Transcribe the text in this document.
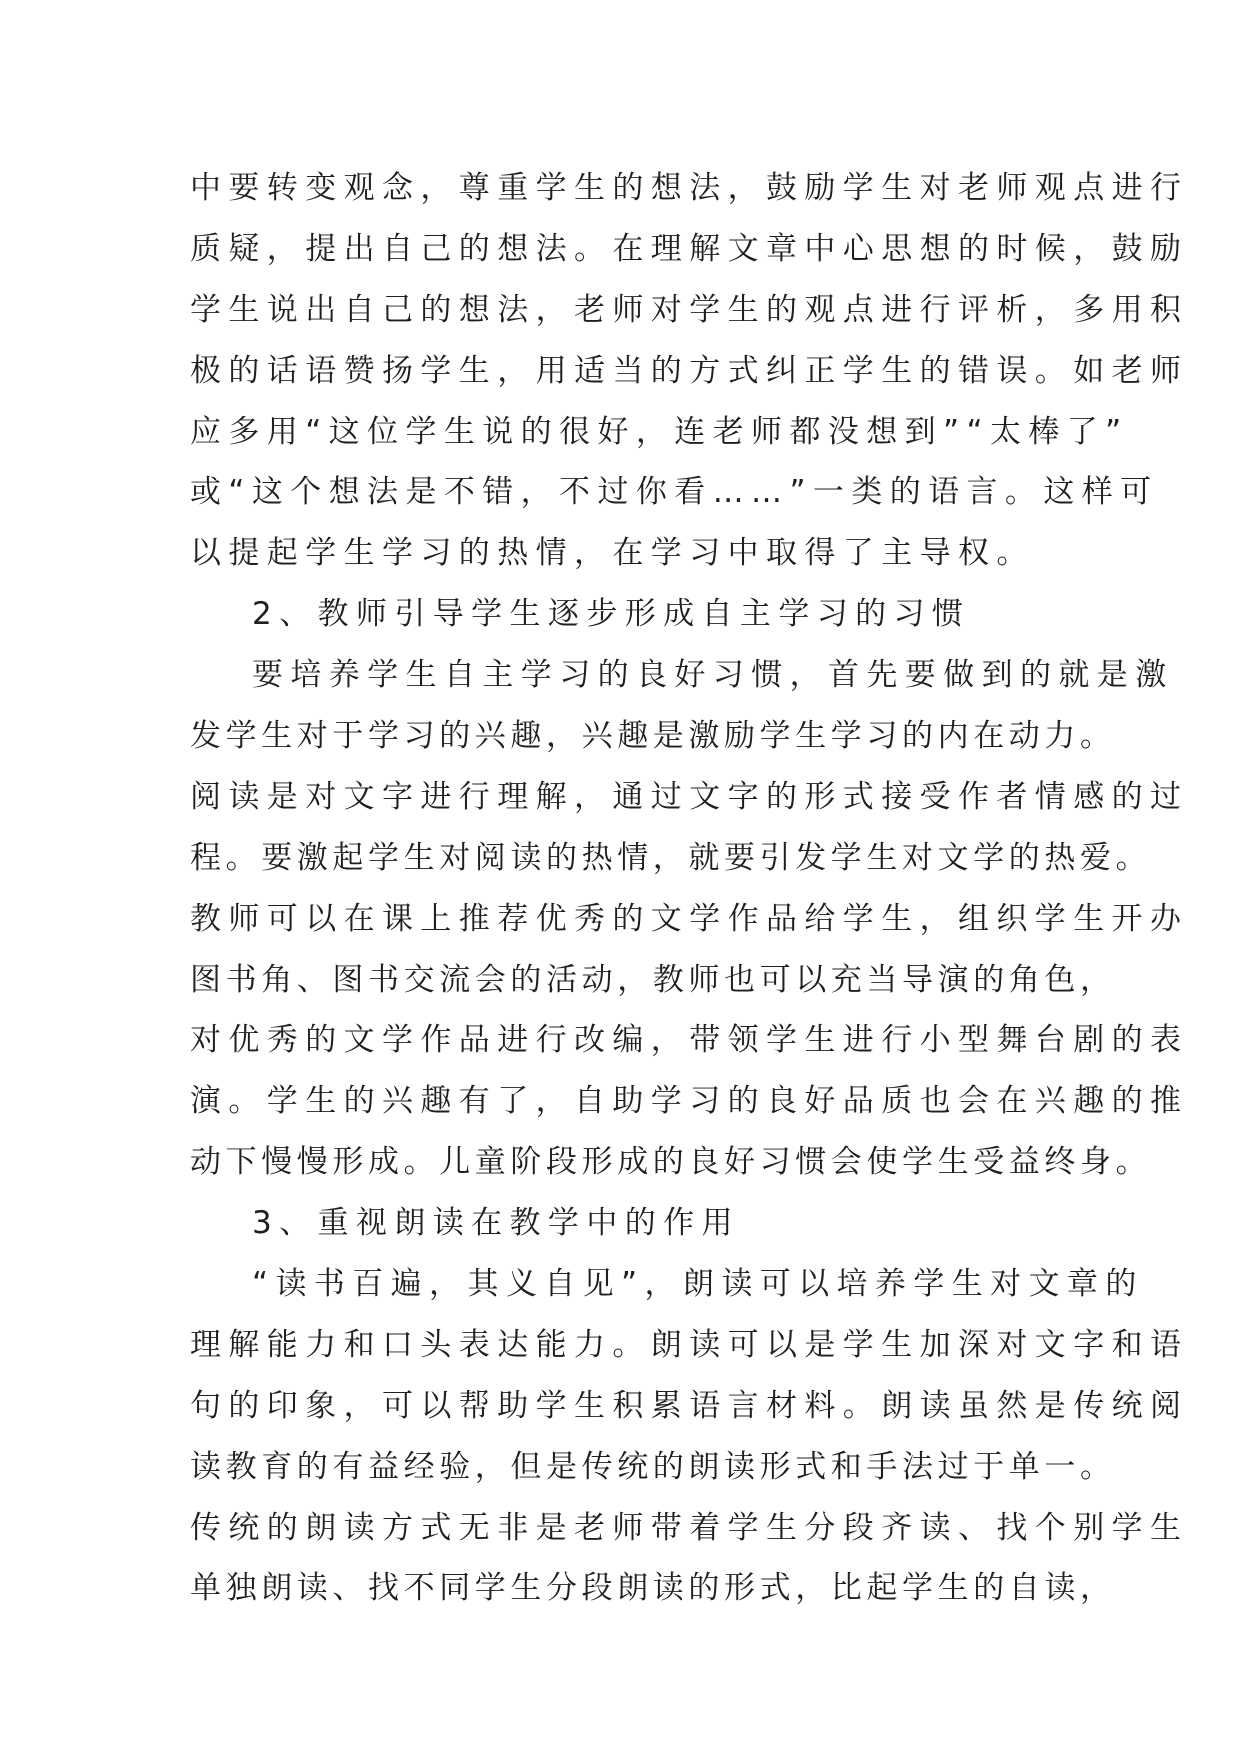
中要转变观念，尊重学生的想法，鼓励学生对老师观点进行
质疑，提出自己的想法。在理解文章中心思想的时候，鼓励
学生说出自己的想法，老师对学生的观点进行评析，多用积
极的话语赞扬学生，用适当的方式纠正学生的错误。如老师
应多用“这位学生说的很好，连老师都没想到”“太棒了”
或“这个想法是不错，不过你看……”一类的语言。这样可
以提起学生学习的热情，在学习中取得了主导权。
2、教师引导学生逐步形成自主学习的习惯
要培养学生自主学习的良好习惯，首先要做到的就是激
发学生对于学习的兴趣，兴趣是激励学生学习的内在动力。
阅读是对文字进行理解，通过文字的形式接受作者情感的过
程。要激起学生对阅读的热情，就要引发学生对文学的热爱。
教师可以在课上推荐优秀的文学作品给学生，组织学生开办
图书角、图书交流会的活动，教师也可以充当导演的角色，
对优秀的文学作品进行改编，带领学生进行小型舞台剧的表
演。学生的兴趣有了，自助学习的良好品质也会在兴趣的推
动下慢慢形成。儿童阶段形成的良好习惯会使学生受益终身。
3、重视朗读在教学中的作用
“读书百遍，其义自见”，朗读可以培养学生对文章的
理解能力和口头表达能力。朗读可以是学生加深对文字和语
句的印象，可以帮助学生积累语言材料。朗读虽然是传统阅
读教育的有益经验，但是传统的朗读形式和手法过于单一。
传统的朗读方式无非是老师带着学生分段齐读、找个别学生
单独朗读、找不同学生分段朗读的形式，比起学生的自读，
